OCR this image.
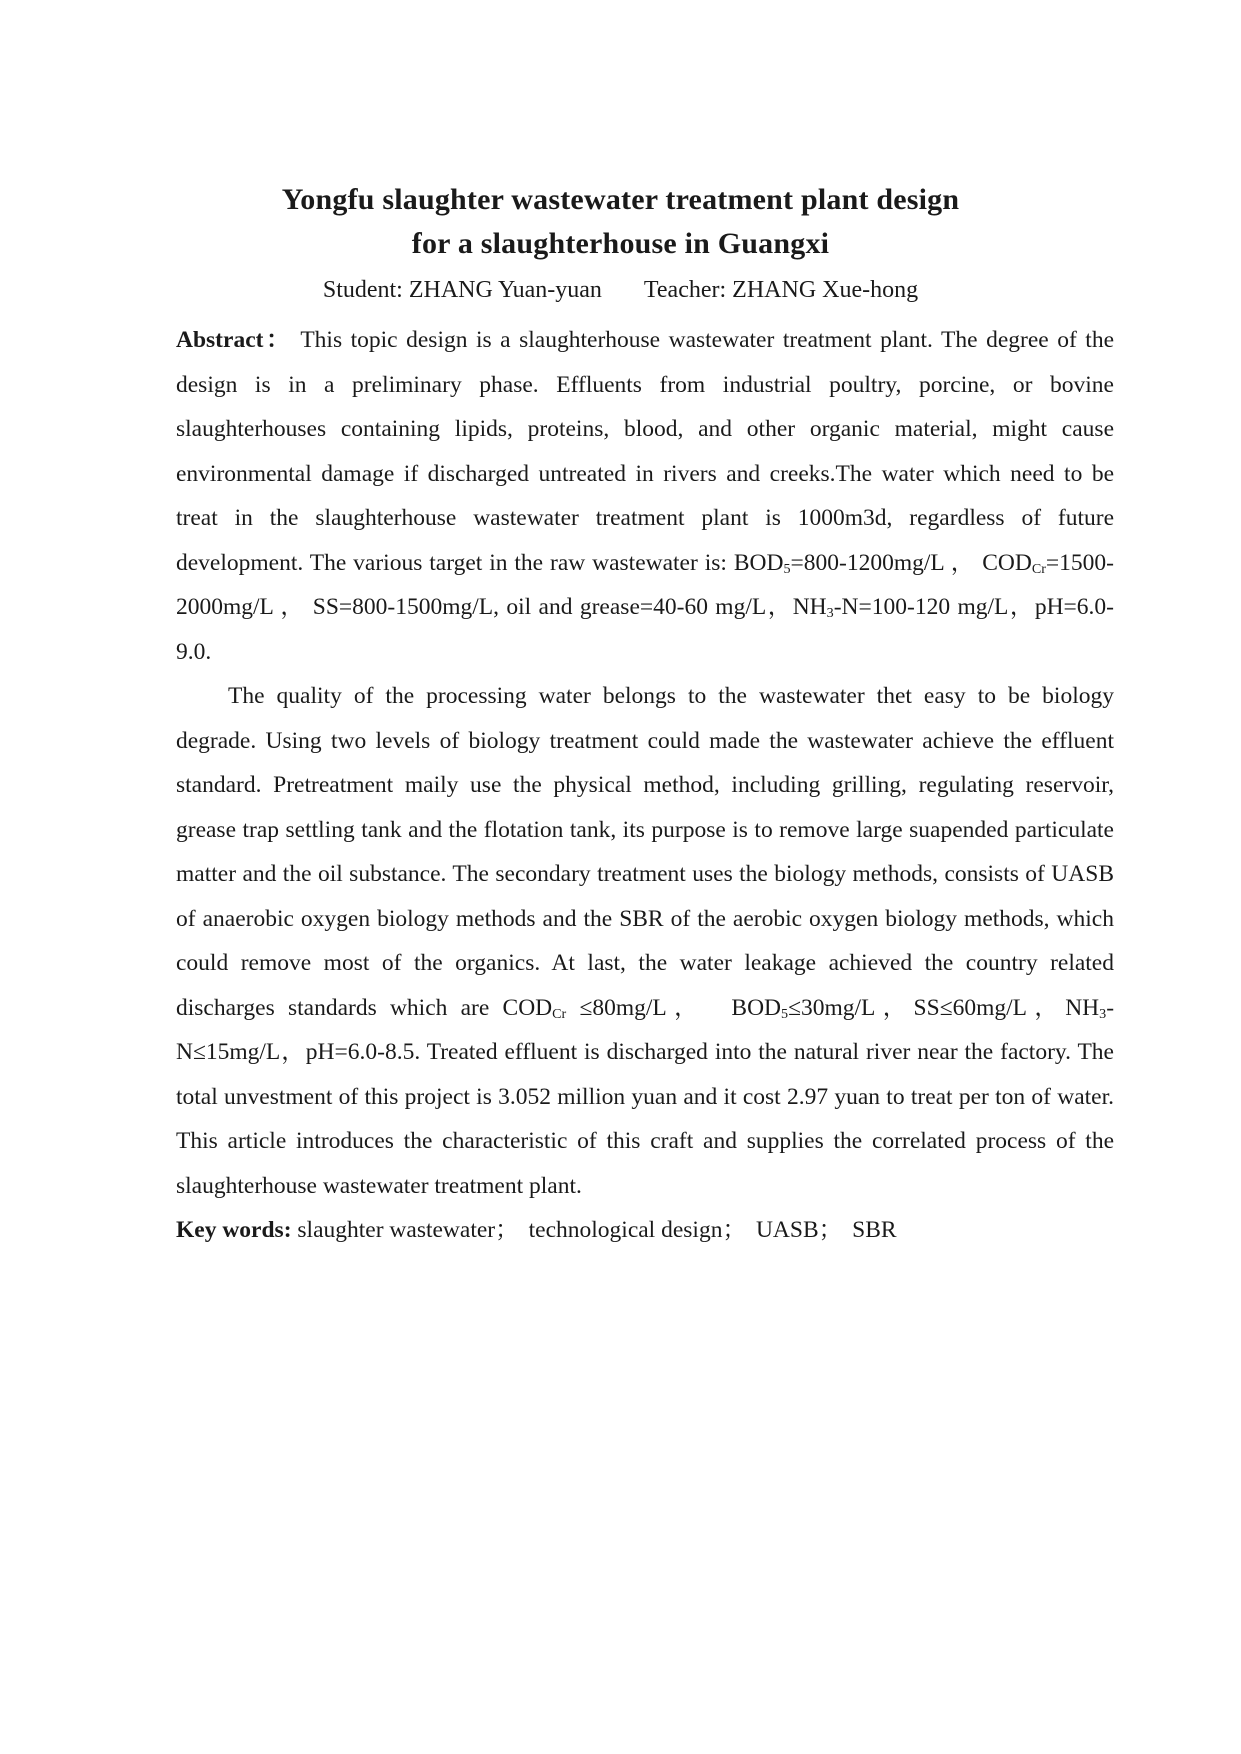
Yongfu slaughter wastewater treatment plant design
for a slaughterhouse in Guangxi
Student: ZHANG Yuan-yuan Teacher: ZHANG Xue-hong

Abstract： This topic design is a slaughterhouse wastewater treatment plant. The degree of the design is in a preliminary phase. Effluents from industrial poultry, porcine, or bovine slaughterhouses containing lipids, proteins, blood, and other organic material, might cause environmental damage if discharged untreated in rivers and creeks.The water which need to be treat in the slaughterhouse wastewater treatment plant is 1000m3d, regardless of future development. The various target in the raw wastewater is: $BOD_5=800-1200mg/L$ ， $COD_{Cr}=1500-2000mg/L$ ， SS=800-1500mg/L, oil and grease=40-60 mg/L，$NH_3-N=100-120$ mg/L，pH=6.0-9.0.

The quality of the processing water belongs to the wastewater thet easy to be biology degrade. Using two levels of biology treatment could made the wastewater achieve the effluent standard. Pretreatment maily use the physical method, including grilling, regulating reservoir, grease trap settling tank and the flotation tank, its purpose is to remove large suapended particulate matter and the oil substance. The secondary treatment uses the biology methods, consists of UASB of anaerobic oxygen biology methods and the SBR of the aerobic oxygen biology methods, which could remove most of the organics. At last, the water leakage achieved the country related discharges standards which are $COD_{Cr} \le 80mg/L$， $BOD_5\le 30mg/L$，SS≤60mg/L，$NH_3-N\le 15mg/L$，pH=6.0-8.5. Treated effluent is discharged into the natural river near the factory. The total unvestment of this project is 3.052 million yuan and it cost 2.97 yuan to treat per ton of water. This article introduces the characteristic of this craft and supplies the correlated process of the slaughterhouse wastewater treatment plant.

Key words: slaughter wastewater； technological design； UASB； SBR
